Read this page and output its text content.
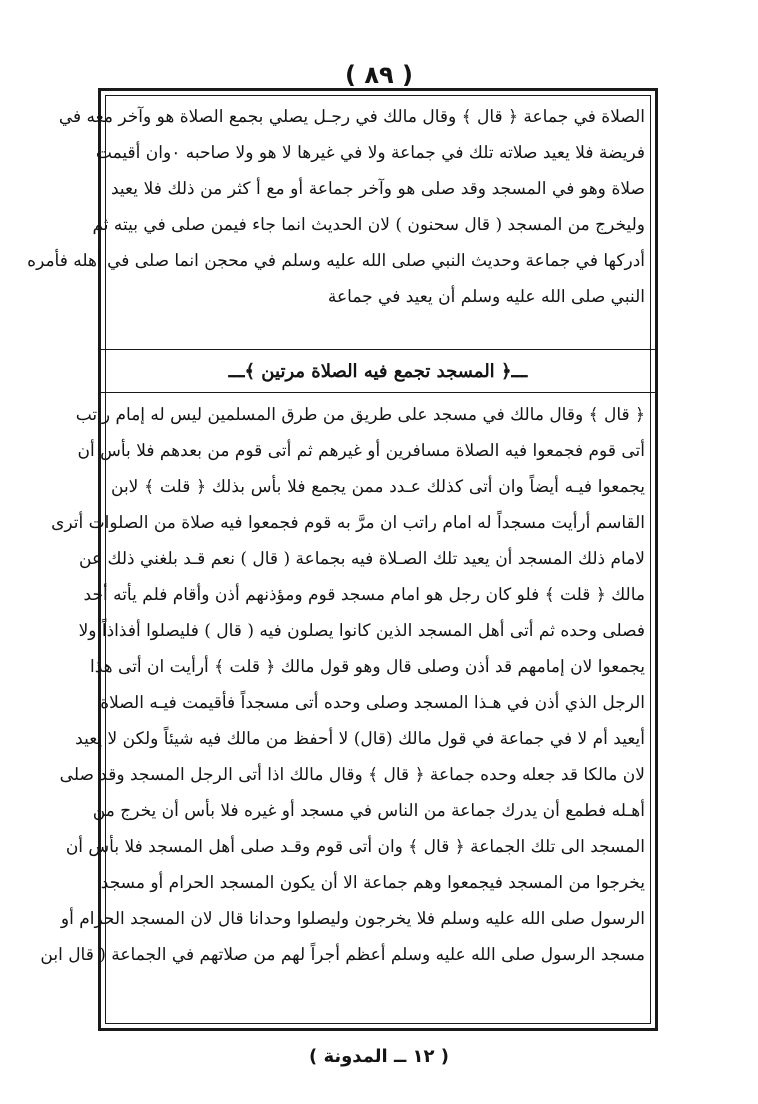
( ٨٩ )
الصلاة في جماعة ﴿ قال ﴾ وقال مالك في رجـل يصلي بجمع الصلاة هو وآخر معه في
فريضة فلا يعيد صلاته تلك في جماعة ولا في غيرها لا هو ولا صاحبه ٠وان أقيمت
صلاة وهو في المسجد وقد صلى هو وآخر جماعة أو مع أ كثر من ذلك فلا يعيد
وليخرج من المسجد ( قال سحنون ) لان الحديث انما جاء فيمن صلى في بيته ثم
أدركها في جماعة وحديث النبي صلى الله عليه وسلم في محجن انما صلى في أهله فأمره
النبي صلى الله عليه وسلم أن يعيد في جماعة
ـــ﴿ المسجد تجمع فيه الصلاة مرتين ﴾ـــ
﴿ قال ﴾ وقال مالك في مسجد على طريق من طرق المسلمين ليس له إمام راتب
أتى قوم فجمعوا فيه الصلاة مسافرين أو غيرهم ثم أتى قوم من بعدهم فلا بأس أن
يجمعوا فيـه أيضاً وان أتى كذلك عـدد ممن يجمع فلا بأس بذلك ﴿ قلت ﴾ لابن
القاسم أرأيت مسجداً له امام راتب ان مرَّ به قوم فجمعوا فيه صلاة من الصلوات أترى
لامام ذلك المسجد أن يعيد تلك الصـلاة فيه بجماعة ( قال ) نعم قـد بلغني ذلك عن
مالك ﴿ قلت ﴾ فلو كان رجل هو امام مسجد قوم ومؤذنهم أذن وأقام فلم يأته أحد
فصلى وحده ثم أتى أهل المسجد الذين كانوا يصلون فيه ( قال ) فليصلوا أفذاذاً ولا
يجمعوا لان إمامهم قد أذن وصلى قال وهو قول مالك ﴿ قلت ﴾ أرأيت ان أتى هذا
الرجل الذي أذن في هـذا المسجد وصلى وحده أتى مسجداً فأقيمت فيـه الصلاة
أيعيد أم لا في جماعة في قول مالك (قال) لا أحفظ من مالك فيه شيئاً ولكن لا يعيد
لان مالكا قد جعله وحده جماعة ﴿ قال ﴾ وقال مالك اذا أتى الرجل المسجد وقد صلى
أهـله فطمع أن يدرك جماعة من الناس في مسجد أو غيره فلا بأس أن يخرج من
المسجد الى تلك الجماعة ﴿ قال ﴾ وان أتى قوم وقـد صلى أهل المسجد فلا بأس أن
يخرجوا من المسجد فيجمعوا وهم جماعة الا أن يكون المسجد الحرام أو مسجد
الرسول صلى الله عليه وسلم فلا يخرجون وليصلوا وحدانا قال لان المسجد الحرام أو
مسجد الرسول صلى الله عليه وسلم أعظم أجراً لهم من صلاتهم في الجماعة ( قال ابن
( ١٢ ــ المدونة )
